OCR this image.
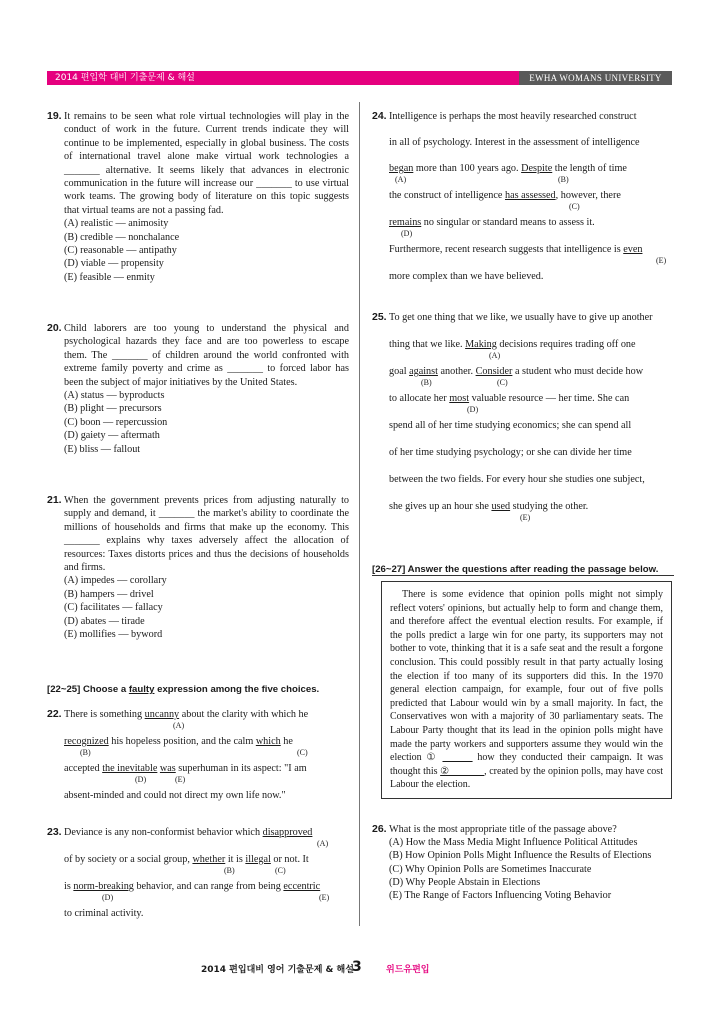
2014 편입학 대비 기출문제 & 해설	EWHA WOMANS UNIVERSITY
19. It remains to be seen what role virtual technologies will play in the conduct of work in the future. Current trends indicate they will continue to be implemented, especially in global business. The costs of international travel alone make virtual work technologies a _______ alternative. It seems likely that advances in electronic communication in the future will increase our _______ to use virtual work teams. The growing body of literature on this topic suggests that virtual teams are not a passing fad.

(A) realistic ― animosity
(B) credible ― nonchalance
(C) reasonable ― antipathy
(D) viable ― propensity
(E) feasible ― enmity
20. Child laborers are too young to understand the physical and psychological hazards they face and are too powerless to escape them. The _______ of children around the world confronted with extreme family poverty and crime as _______ to forced labor has been the subject of major initiatives by the United States.

(A) status ― byproducts
(B) plight ― precursors
(C) boon ― repercussion
(D) gaiety ― aftermath
(E) bliss ― fallout
21. When the government prevents prices from adjusting naturally to supply and demand, it _______ the market's ability to coordinate the millions of households and firms that make up the economy. This _______ explains why taxes adversely affect the allocation of resources: Taxes distorts prices and thus the decisions of households and firms.

(A) impedes ― corollary
(B) hampers ― drivel
(C) facilitates ― fallacy
(D) abates ― tirade
(E) mollifies ― byword
[22~25] Choose a faulty expression among the five choices.
22. There is something uncanny about the clarity with which he
(A)
recognized his hopeless position, and the calm which he
(B)	(C)
accepted the inevitable was superhuman in its aspect: "I am
(D)	(E)
absent-minded and could not direct my own life now."
23. Deviance is any non-conformist behavior which disapproved
(A)
of by society or a social group, whether it is illegal or not. It
(B)	(C)
is norm-breaking behavior, and can range from being eccentric
(D)	(E)
to criminal activity.
24. Intelligence is perhaps the most heavily researched construct
in all of psychology. Interest in the assessment of intelligence
began more than 100 years ago. Despite the length of time
(A)	(B)
the construct of intelligence has assessed, however, there
(C)
remains no singular or standard means to assess it.
(D)
Furthermore, recent research suggests that intelligence is even
(E)
more complex than we have believed.
25. To get one thing that we like, we usually have to give up another
thing that we like. Making decisions requires trading off one
(A)
goal against another. Consider a student who must decide how
(B)	(C)
to allocate her most valuable resource ― her time. She can
(D)
spend all of her time studying economics; she can spend all
of her time studying psychology; or she can divide her time
between the two fields. For every hour she studies one subject,
she gives up an hour she used studying the other.
(E)
[26~27] Answer the questions after reading the passage below.
There is some evidence that opinion polls might not simply reflect voters' opinions, but actually help to form and change them, and therefore affect the eventual election results. For example, if the polls predict a large win for one party, its supporters may not bother to vote, thinking that it is a safe seat and the result a forgone conclusion. This could possibly result in that party actually losing the election if too many of its supporters did this. In the 1970 general election campaign, for example, four out of five polls predicted that Labour would win by a small majority. In fact, the Conservatives won with a majority of 30 parliamentary seats. The Labour Party thought that its lead in the opinion polls might have made the party workers and supporters assume they would win the election ① ______ how they conducted their campaign. It was thought this ②_______, created by the opinion polls, may have cost Labour the election.
26. What is the most appropriate title of the passage above?

(A) How the Mass Media Might Influence Political Attitudes
(B) How Opinion Polls Might Influence the Results of Elections
(C) Why Opinion Polls are Sometimes Inaccurate
(D) Why People Abstain in Elections
(E) The Range of Factors Influencing Voting Behavior
2014 편입대비 영어 기출문제 & 해설
3	위드유편입
